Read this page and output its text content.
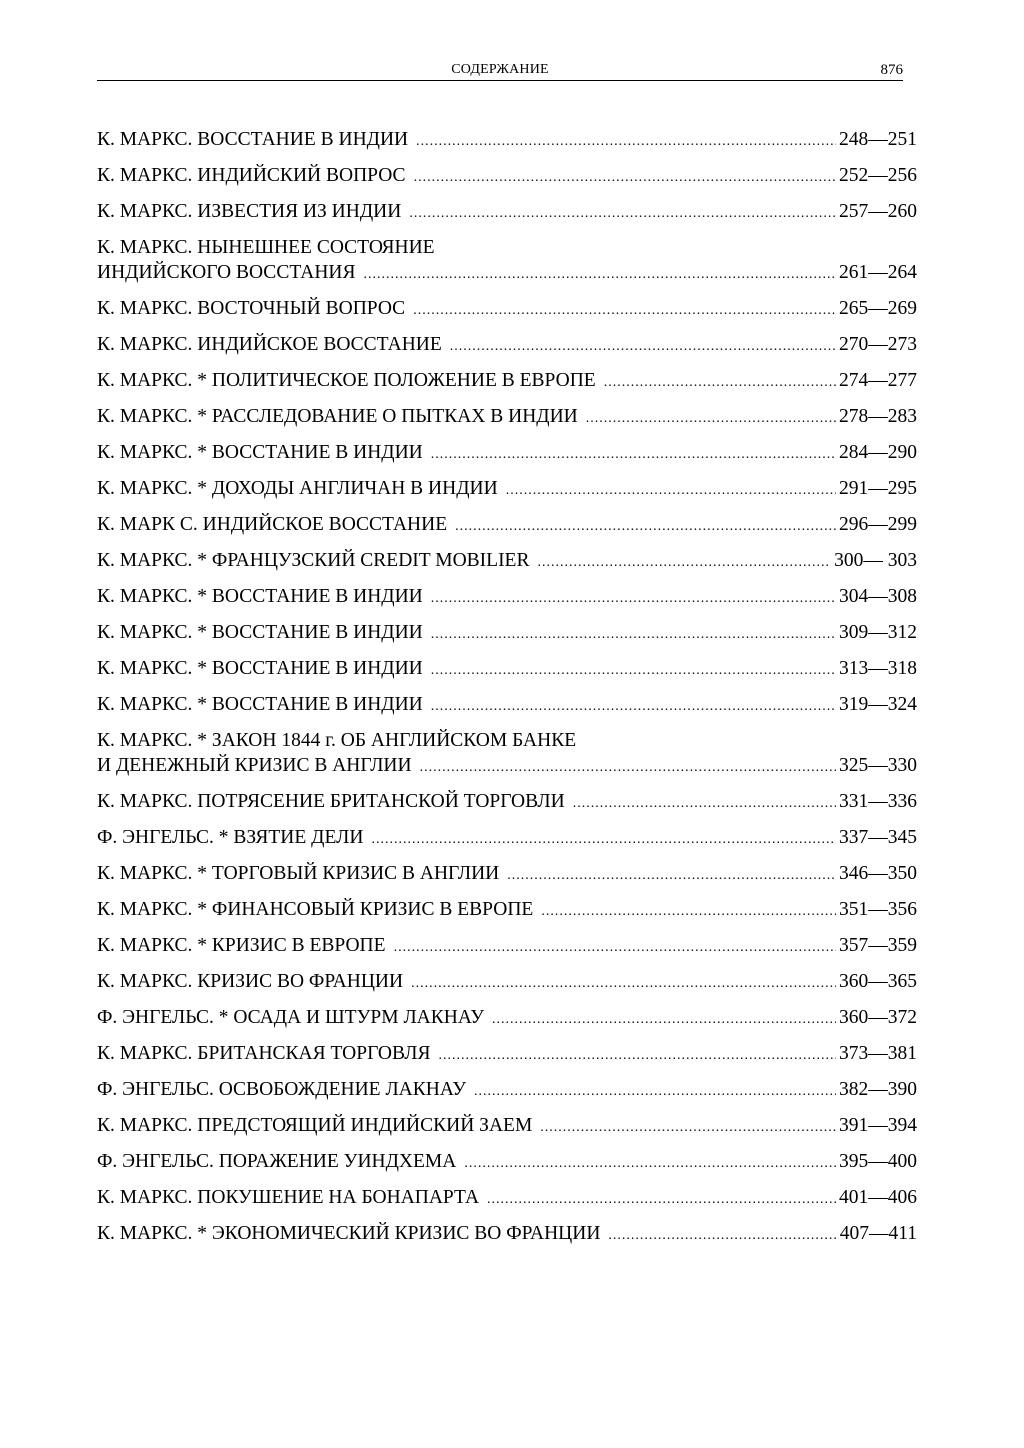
СОДЕРЖАНИЕ	876
К. МАРКС. ВОССТАНИЕ В ИНДИИ .....	248—251
К. МАРКС. ИНДИЙСКИЙ ВОПРОС .....	252—256
К. МАРКС. ИЗВЕСТИЯ ИЗ ИНДИИ .....	257—260
К. МАРКС. НЫНЕШНЕЕ СОСТОЯНИЕ
ИНДИЙСКОГО ВОССТАНИЯ .....	261—264
К. МАРКС. ВОСТОЧНЫЙ ВОПРОС .....	265—269
К. МАРКС. ИНДИЙСКОЕ ВОССТАНИЕ .....	270—273
К. МАРКС. * ПОЛИТИЧЕСКОЕ ПОЛОЖЕНИЕ В ЕВРОПЕ .....	274—277
К. МАРКС. * РАССЛЕДОВАНИЕ О ПЫТКАХ В ИНДИИ .....	278—283
К. МАРКС. * ВОССТАНИЕ В ИНДИИ .....	284—290
К. МАРКС. * ДОХОДЫ АНГЛИЧАН В ИНДИИ .....	291—295
К. МАРК С. ИНДИЙСКОЕ ВОССТАНИЕ .....	296—299
К. МАРКС. * ФРАНЦУЗСКИЙ CREDIT MOBILIER .....	300— 303
К. МАРКС. * ВОССТАНИЕ В ИНДИИ .....	304—308
К. МАРКС. * ВОССТАНИЕ В ИНДИИ .....	309—312
К. МАРКС. * ВОССТАНИЕ В ИНДИИ .....	313—318
К. МАРКС. * ВОССТАНИЕ В ИНДИИ .....	319—324
К. МАРКС. * ЗАКОН 1844 г. ОБ АНГЛИЙСКОМ БАНКЕ
И ДЕНЕЖНЫЙ КРИЗИС В АНГЛИИ .....	325—330
К. МАРКС. ПОТРЯСЕНИЕ БРИТАНСКОЙ ТОРГОВЛИ .....	331—336
Ф. ЭНГЕЛЬС. * ВЗЯТИЕ ДЕЛИ .....	337—345
К. МАРКС. * ТОРГОВЫЙ КРИЗИС В АНГЛИИ .....	346—350
К. МАРКС. * ФИНАНСОВЫЙ КРИЗИС В ЕВРОПЕ .....	351—356
К. МАРКС. * КРИЗИС В ЕВРОПЕ .....	357—359
К. МАРКС. КРИЗИС ВО ФРАНЦИИ .....	360—365
Ф. ЭНГЕЛЬС. * ОСАДА И ШТУРМ ЛАКНАУ .....	360—372
К. МАРКС. БРИТАНСКАЯ ТОРГОВЛЯ .....	373—381
Ф. ЭНГЕЛЬС. ОСВОБОЖДЕНИЕ ЛАКНАУ .....	382—390
К. МАРКС. ПРЕДСТОЯЩИЙ ИНДИЙСКИЙ ЗАЕМ .....	391—394
Ф. ЭНГЕЛЬС. ПОРАЖЕНИЕ УИНДХЕМА .....	395—400
К. МАРКС. ПОКУШЕНИЕ НА БОНАПАРТА .....	401—406
К. МАРКС. * ЭКОНОМИЧЕСКИЙ КРИЗИС ВО ФРАНЦИИ .....	407—411
